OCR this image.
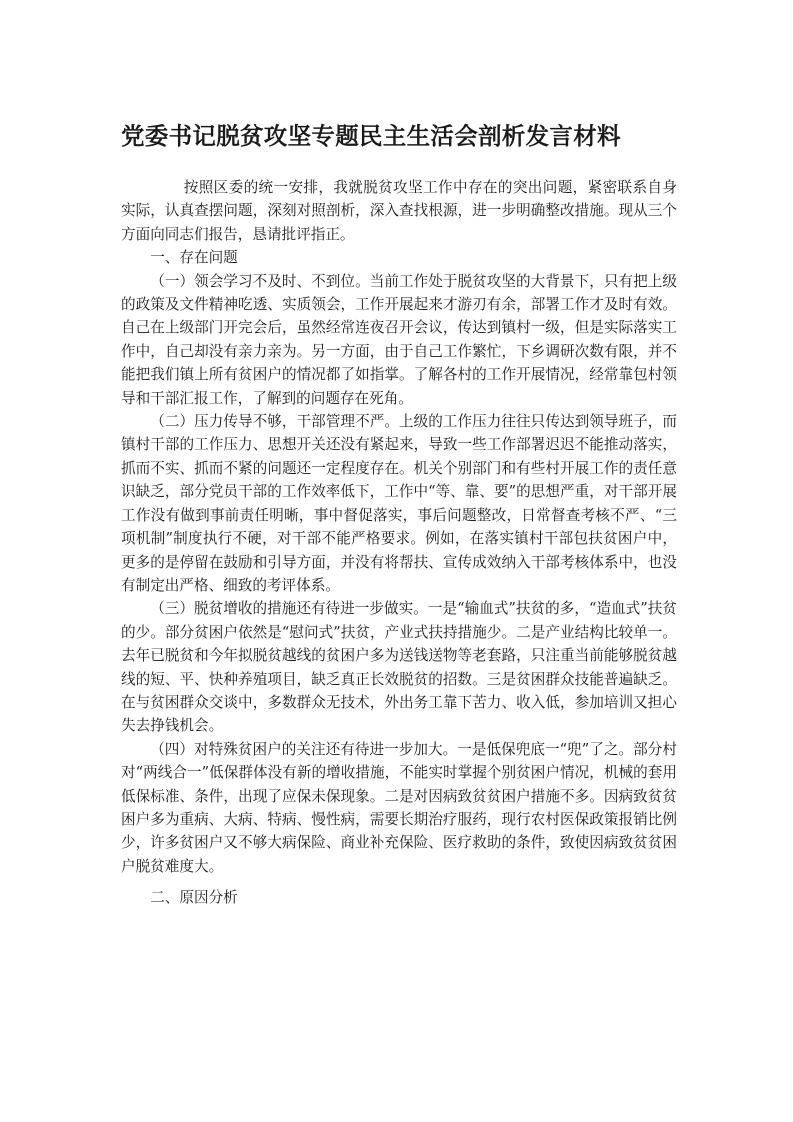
党委书记脱贫攻坚专题民主生活会剖析发言材料

按照区委的统一安排，我就脱贫攻坚工作中存在的突出问题，紧密联系自身实际，认真查摆问题，深刻对照剖析，深入查找根源，进一步明确整改措施。现从三个方面向同志们报告，恳请批评指正。

一、存在问题

（一）领会学习不及时、不到位。当前工作处于脱贫攻坚的大背景下，只有把上级的政策及文件精神吃透、实质领会，工作开展起来才游刃有余，部署工作才及时有效。自己在上级部门开完会后，虽然经常连夜召开会议，传达到镇村一级，但是实际落实工作中，自己却没有亲力亲为。另一方面，由于自己工作繁忙，下乡调研次数有限，并不能把我们镇上所有贫困户的情况都了如指掌。了解各村的工作开展情况，经常靠包村领导和干部汇报工作，了解到的问题存在死角。

（二）压力传导不够，干部管理不严。上级的工作压力往往只传达到领导班子，而镇村干部的工作压力、思想开关还没有紧起来，导致一些工作部署迟迟不能推动落实，抓而不实、抓而不紧的问题还一定程度存在。机关个别部门和有些村开展工作的责任意识缺乏，部分党员干部的工作效率低下，工作中“等、靠、要”的思想严重，对干部开展工作没有做到事前责任明晰，事中督促落实，事后问题整改，日常督查考核不严、“三项机制”制度执行不硬，对干部不能严格要求。例如，在落实镇村干部包扶贫困户中，更多的是停留在鼓励和引导方面，并没有将帮扶、宣传成效纳入干部考核体系中，也没有制定出严格、细致的考评体系。

（三）脱贫增收的措施还有待进一步做实。一是“输血式”扶贫的多，“造血式”扶贫的少。部分贫困户依然是“慰问式”扶贫，产业式扶持措施少。二是产业结构比较单一。去年已脱贫和今年拟脱贫越线的贫困户多为送钱送物等老套路，只注重当前能够脱贫越线的短、平、快种养殖项目，缺乏真正长效脱贫的招数。三是贫困群众技能普遍缺乏。在与贫困群众交谈中，多数群众无技术，外出务工靠下苦力、收入低，参加培训又担心失去挣钱机会。

（四）对特殊贫困户的关注还有待进一步加大。一是低保兜底一“兜”了之。部分村对“两线合一”低保群体没有新的增收措施，不能实时掌握个别贫困户情况，机械的套用低保标准、条件，出现了应保未保现象。二是对因病致贫贫困户措施不多。因病致贫贫困户多为重病、大病、特病、慢性病，需要长期治疗服药，现行农村医保政策报销比例少，许多贫困户又不够大病保险、商业补充保险、医疗救助的条件，致使因病致贫贫困户脱贫难度大。

二、原因分析
